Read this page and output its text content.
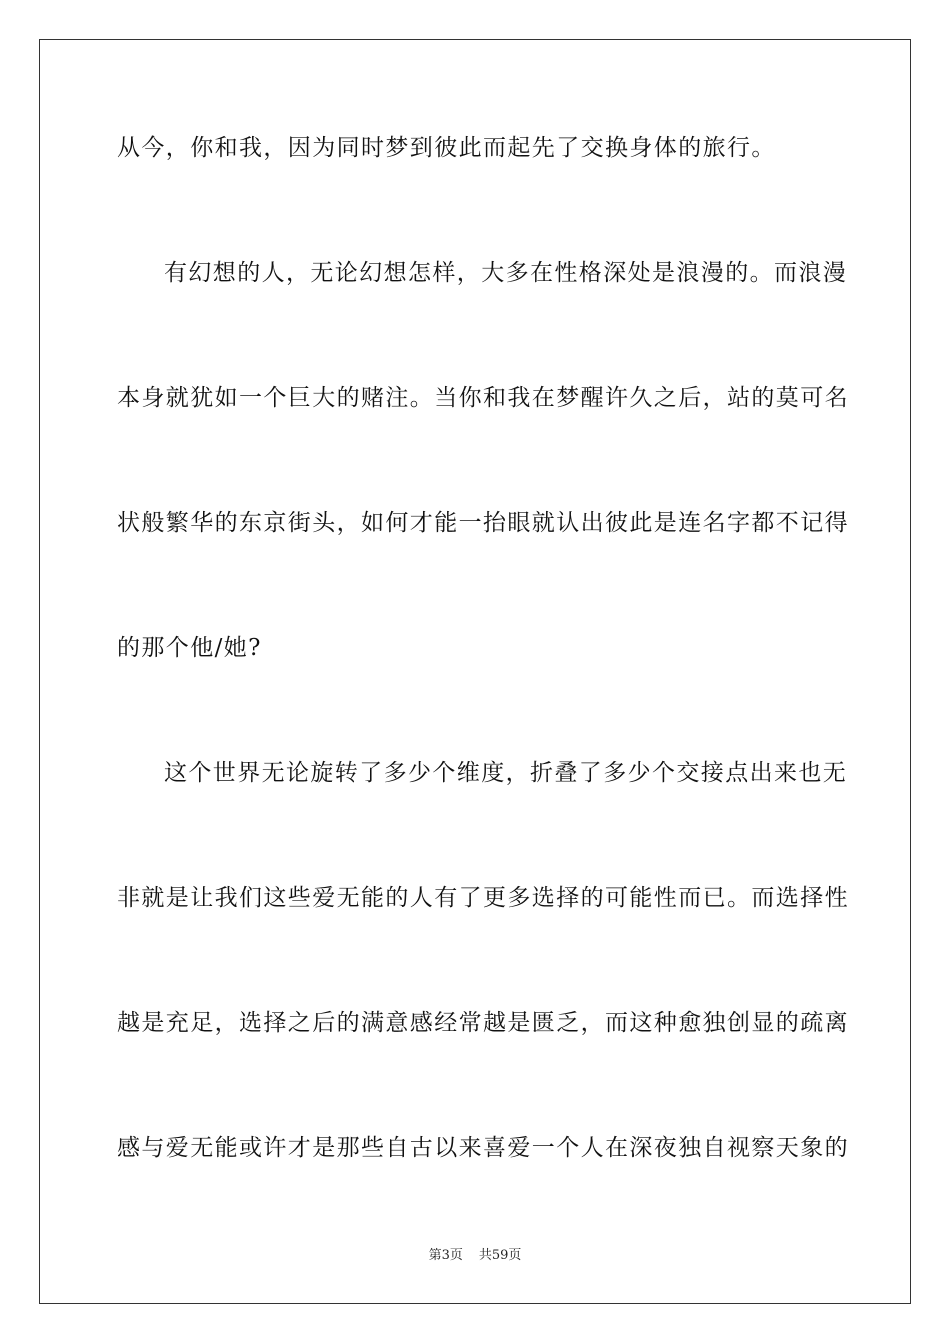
从今，你和我，因为同时梦到彼此而起先了交换身体的旅行。
有幻想的人，无论幻想怎样，大多在性格深处是浪漫的。而浪漫
本身就犹如一个巨大的赌注。当你和我在梦醒许久之后，站的莫可名
状般繁华的东京街头，如何才能一抬眼就认出彼此是连名字都不记得
的那个他/她?
这个世界无论旋转了多少个维度，折叠了多少个交接点出来也无
非就是让我们这些爱无能的人有了更多选择的可能性而已。而选择性
越是充足，选择之后的满意感经常越是匮乏，而这种愈独创显的疏离
感与爱无能或许才是那些自古以来喜爱一个人在深夜独自视察天象的
第3页 共59页
